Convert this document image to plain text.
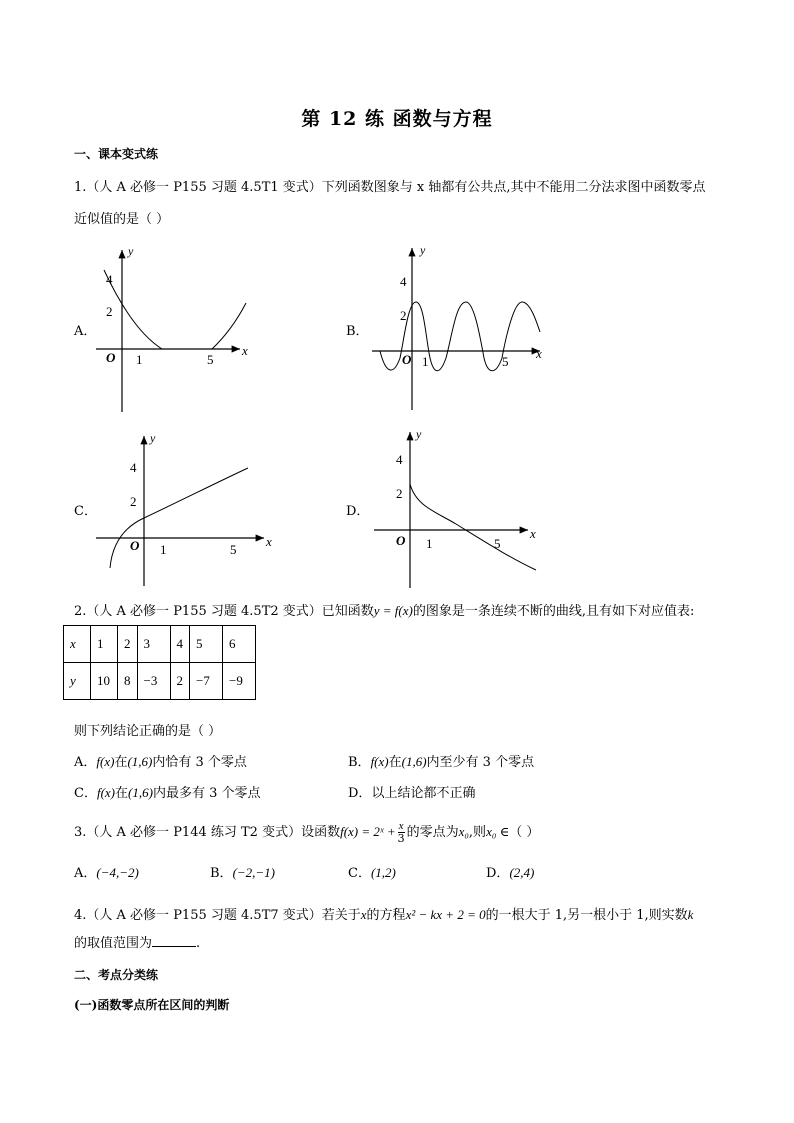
第 12 练 函数与方程
一、课本变式练
1.（人 A 必修一 P155 习题 4.5T1 变式）下列函数图象与 x 轴都有公共点,其中不能用二分法求图中函数零点
近似值的是（ ）
A．
y
x
O
4
2
1	5
B．
y
x
O
4
2
1	5
C．
y
x
O
4
2
1	5
D．
y
x
O
4
2
1	5
2.（人 A 必修一 P155 习题 4.5T2 变式）已知函数y = f(x)的图象是一条连续不断的曲线,且有如下对应值表:
x	1	2	3	4	5	6
y	10	8	−3	2	−7	−9
则下列结论正确的是（ ）
A．f(x)在(1,6)内恰有 3 个零点	B．f(x)在(1,6)内至少有 3 个零点
C．f(x)在(1,6)内最多有 3 个零点	D．以上结论都不正确
3.（人 A 必修一 P144 练习 T2 变式）设函数f(x) = 2ˣ + $\frac{x}{3}$ 的零点为x₀,则x₀ ∈（ ）
A．(−4,−2)	B．(−2,−1)	C．(1,2)	D．(2,4)
4.（人 A 必修一 P155 习题 4.5T7 变式）若关于x的方程x² − kx + 2 = 0的一根大于 1,另一根小于 1,则实数k
的取值范围为	.
二、考点分类练
(一)函数零点所在区间的判断
